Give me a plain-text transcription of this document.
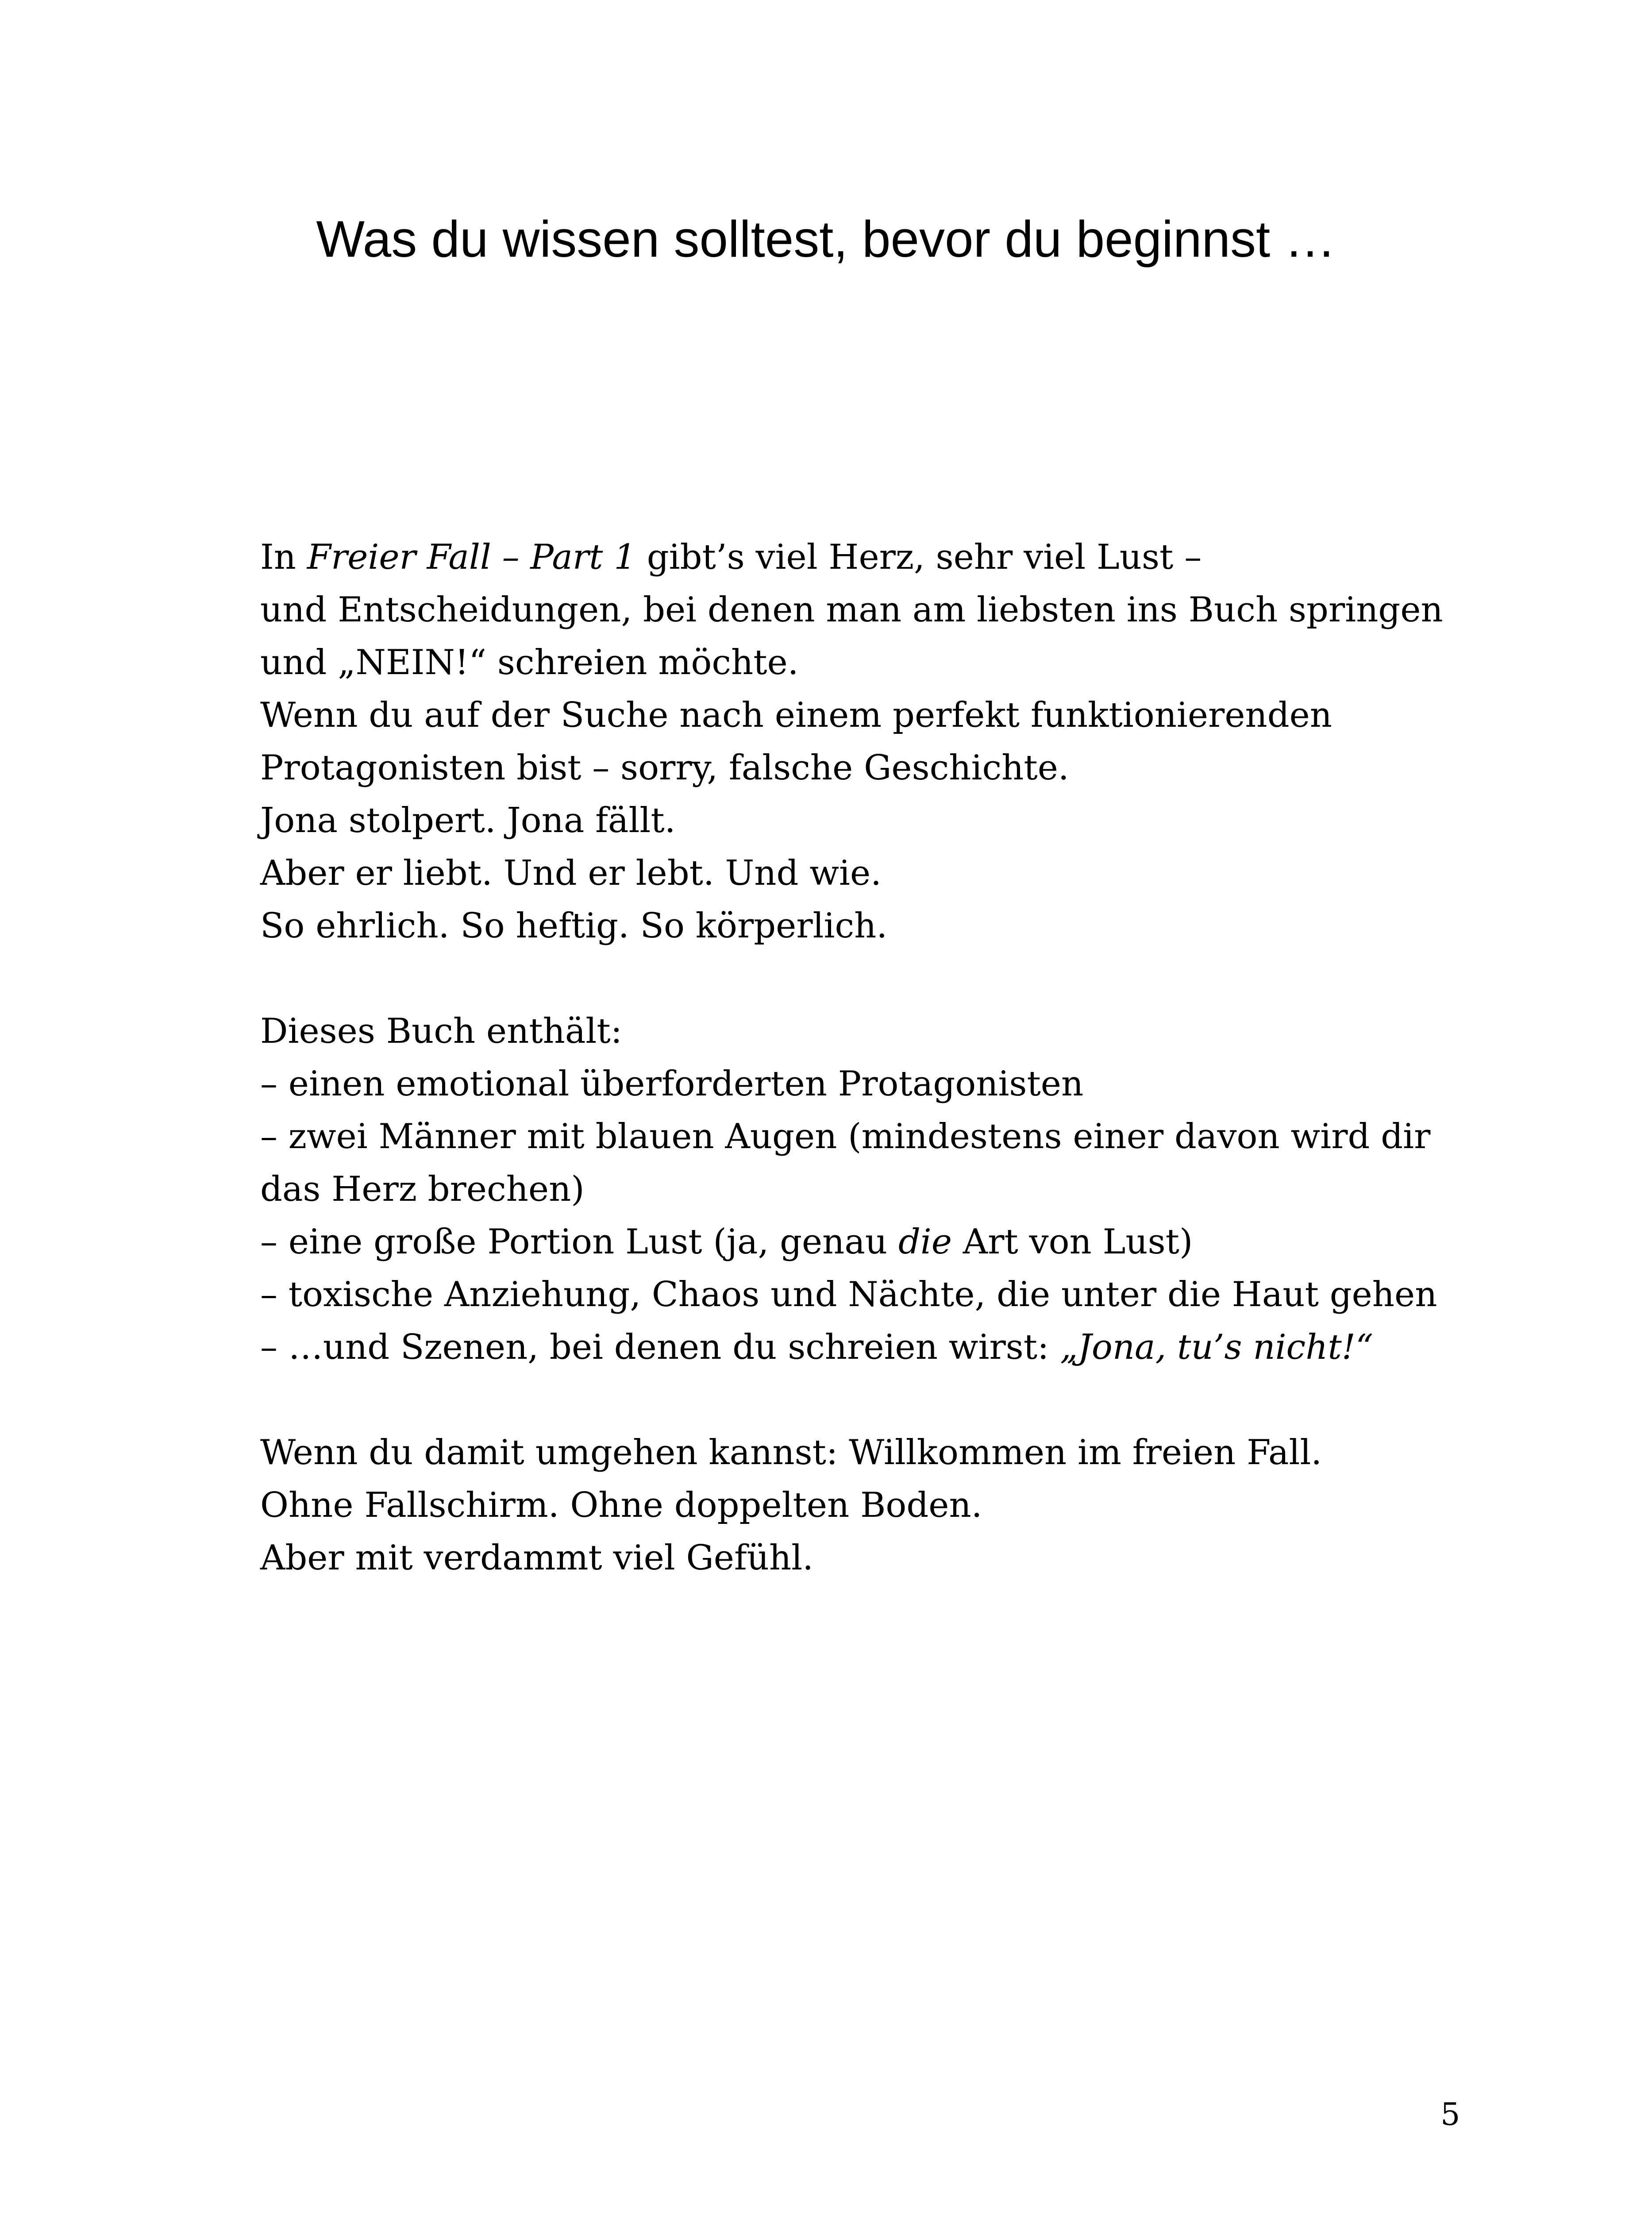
Was du wissen solltest, bevor du beginnst …
In Freier Fall – Part 1 gibt’s viel Herz, sehr viel Lust –
und Entscheidungen, bei denen man am liebsten ins Buch springen
und „NEIN!“ schreien möchte.
Wenn du auf der Suche nach einem perfekt funktionierenden
Protagonisten bist – sorry, falsche Geschichte.
Jona stolpert. Jona fällt.
Aber er liebt. Und er lebt. Und wie.
So ehrlich. So heftig. So körperlich.
Dieses Buch enthält:
– einen emotional überforderten Protagonisten
– zwei Männer mit blauen Augen (mindestens einer davon wird dir
das Herz brechen)
– eine große Portion Lust (ja, genau die Art von Lust)
– toxische Anziehung, Chaos und Nächte, die unter die Haut gehen
– …und Szenen, bei denen du schreien wirst: „Jona, tu’s nicht!“
Wenn du damit umgehen kannst: Willkommen im freien Fall.
Ohne Fallschirm. Ohne doppelten Boden.
Aber mit verdammt viel Gefühl.
5
